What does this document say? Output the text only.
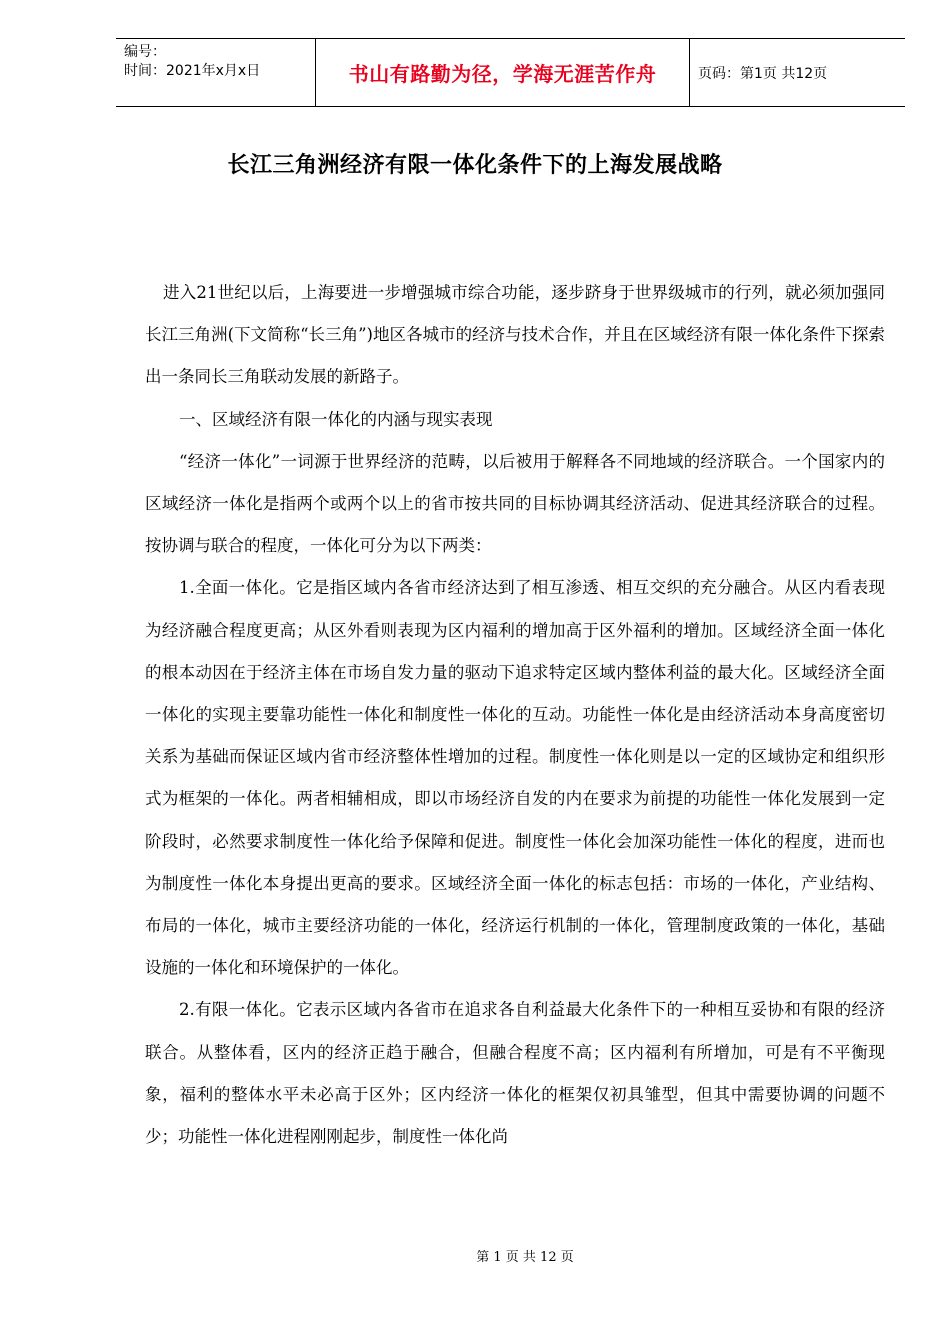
编号：
时间：2021年x月x日	书山有路勤为径，学海无涯苦作舟	页码：第1页 共12页
长江三角洲经济有限一体化条件下的上海发展战略

进入21世纪以后，上海要进一步增强城市综合功能，逐步跻身于世界级城市的行列，就必须加强同长江三角洲(下文简称“长三角”)地区各城市的经济与技术合作，并且在区域经济有限一体化条件下探索出一条同长三角联动发展的新路子。

一、区域经济有限一体化的内涵与现实表现

“经济一体化”一词源于世界经济的范畴，以后被用于解释各不同地域的经济联合。一个国家内的区域经济一体化是指两个或两个以上的省市按共同的目标协调其经济活动、促进其经济联合的过程。按协调与联合的程度，一体化可分为以下两类：

1.全面一体化。它是指区域内各省市经济达到了相互渗透、相互交织的充分融合。从区内看表现为经济融合程度更高；从区外看则表现为区内福利的增加高于区外福利的增加。区域经济全面一体化的根本动因在于经济主体在市场自发力量的驱动下追求特定区域内整体利益的最大化。区域经济全面一体化的实现主要靠功能性一体化和制度性一体化的互动。功能性一体化是由经济活动本身高度密切关系为基础而保证区域内省市经济整体性增加的过程。制度性一体化则是以一定的区域协定和组织形式为框架的一体化。两者相辅相成，即以市场经济自发的内在要求为前提的功能性一体化发展到一定阶段时，必然要求制度性一体化给予保障和促进。制度性一体化会加深功能性一体化的程度，进而也为制度性一体化本身提出更高的要求。区域经济全面一体化的标志包括：市场的一体化，产业结构、布局的一体化，城市主要经济功能的一体化，经济运行机制的一体化，管理制度政策的一体化，基础设施的一体化和环境保护的一体化。

2.有限一体化。它表示区域内各省市在追求各自利益最大化条件下的一种相互妥协和有限的经济联合。从整体看，区内的经济正趋于融合，但融合程度不高；区内福利有所增加，可是有不平衡现象，福利的整体水平未必高于区外；区内经济一体化的框架仅初具雏型，但其中需要协调的问题不少；功能性一体化进程刚刚起步，制度性一体化尚

第 1 页 共 12 页
